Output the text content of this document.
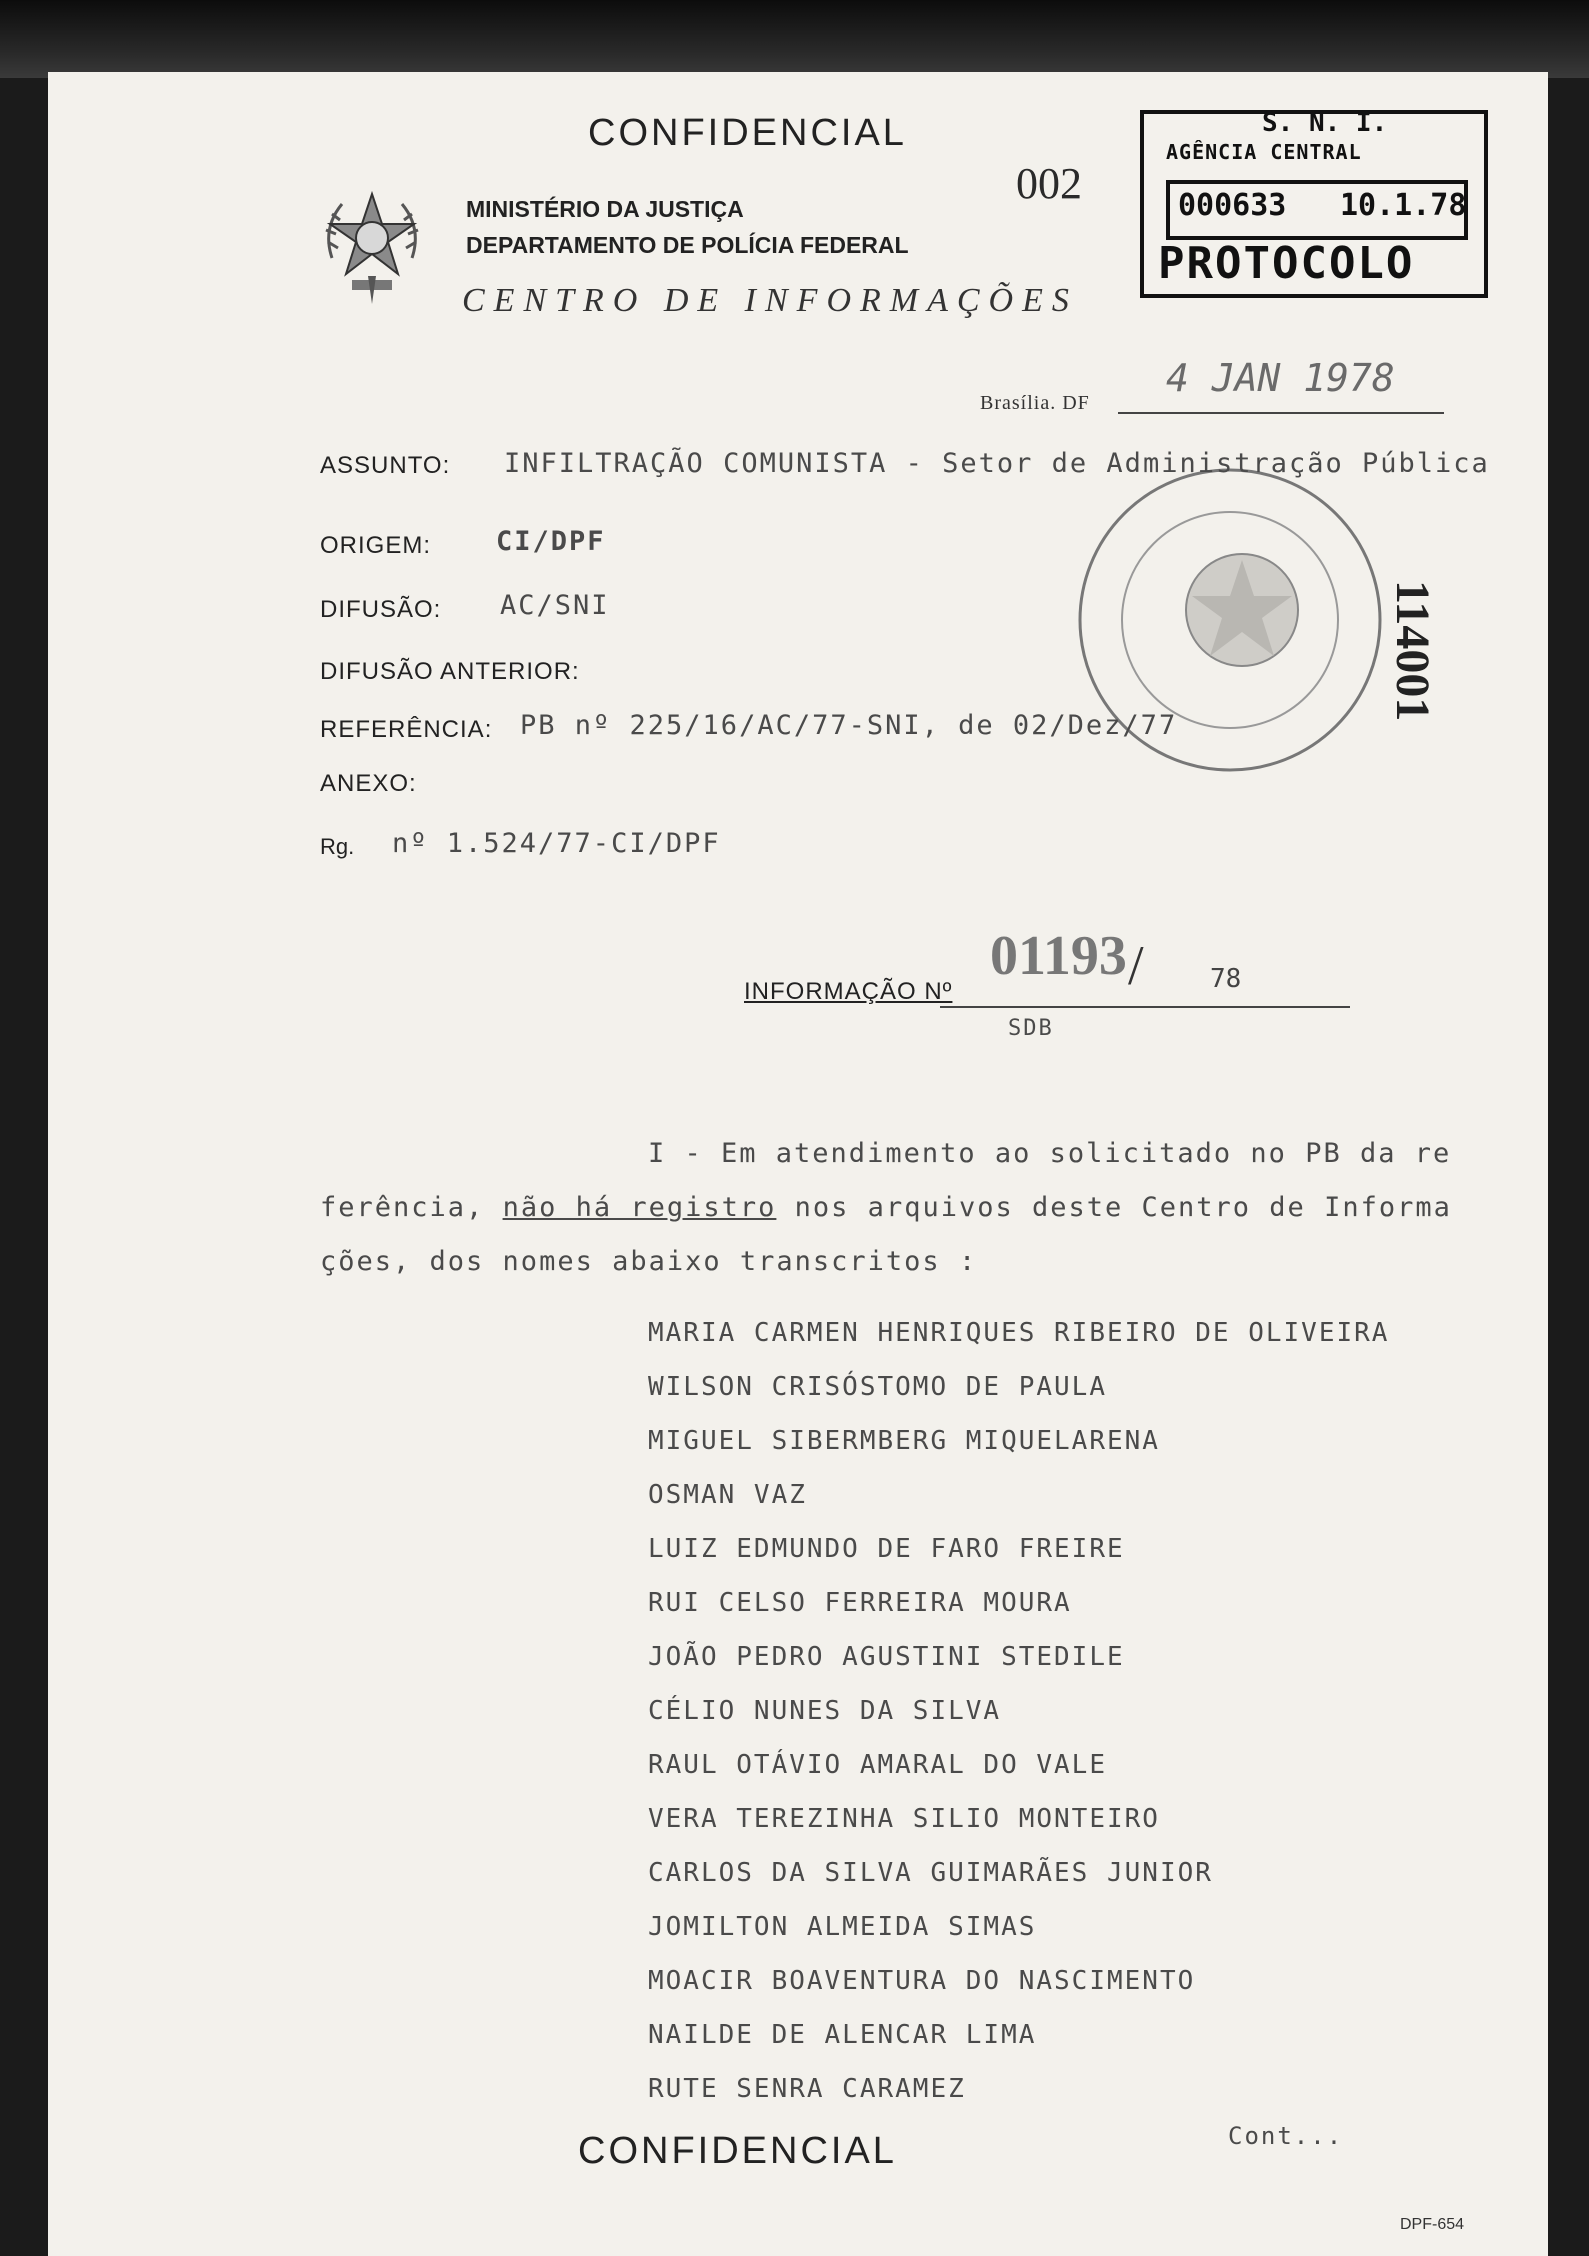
CONFIDENCIAL
MINISTÉRIO DA JUSTIÇA
DEPARTAMENTO DE POLÍCIA FEDERAL
CENTRO DE INFORMAÇÕES
002
S. N. I.
AGÊNCIA CENTRAL
000633 10.1.78
PROTOCOLO
114001
Brasília. DF
4 JAN 1978
ASSUNTO: INFILTRAÇÃO COMUNISTA - Setor de Administração Pública
ORIGEM: CI/DPF
DIFUSÃO: AC/SNI
DIFUSÃO ANTERIOR:
REFERÊNCIA: PB nº 225/16/AC/77-SNI, de 02/Dez/77
ANEXO:
Rg. nº 1.524/77-CI/DPF
INFORMAÇÃO Nº
01193 /	78
SDB
I - Em atendimento ao solicitado no PB da re
ferência, não há registro nos arquivos deste Centro de Informa
ções, dos nomes abaixo transcritos :
MARIA CARMEN HENRIQUES RIBEIRO DE OLIVEIRA
WILSON CRISÓSTOMO DE PAULA
MIGUEL SIBERMBERG MIQUELARENA
OSMAN VAZ
LUIZ EDMUNDO DE FARO FREIRE
RUI CELSO FERREIRA MOURA
JOÃO PEDRO AGUSTINI STEDILE
CÉLIO NUNES DA SILVA
RAUL OTÁVIO AMARAL DO VALE
VERA TEREZINHA SILIO MONTEIRO
CARLOS DA SILVA GUIMARÃES JUNIOR
JOMILTON ALMEIDA SIMAS
MOACIR BOAVENTURA DO NASCIMENTO
NAILDE DE ALENCAR LIMA
RUTE SENRA CARAMEZ
Cont...
CONFIDENCIAL
DPF-654
